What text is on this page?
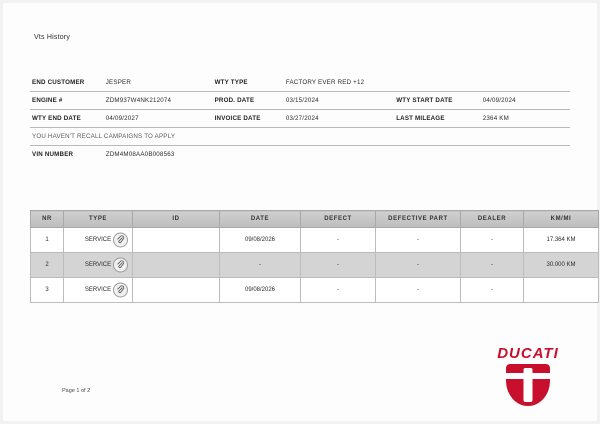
Vts History
END CUSTOMER	JESPER	WTY TYPE	FACTORY EVER RED +12		
ENGINE #	ZDM937W4NK212074	PROD. DATE	03/15/2024	WTY START DATE	04/09/2024
WTY END DATE	04/09/2027	INVOICE DATE	03/27/2024	LAST MILEAGE	2364 KM
YOU HAVEN'T RECALL CAMPAIGNS TO APPLY					
VIN NUMBER	ZDM4M08AA0B008563				
NR	TYPE	ID	DATE	DEFECT	DEFECTIVE PART	DEALER	KM/MI
1	SERVICE		09/08/2026	-	-	-	17.364 KM
2	SERVICE		-	-	-	-	30.000 KM
3	SERVICE		09/08/2026	-	-	-	
Page 1 of 2
DUCATI
